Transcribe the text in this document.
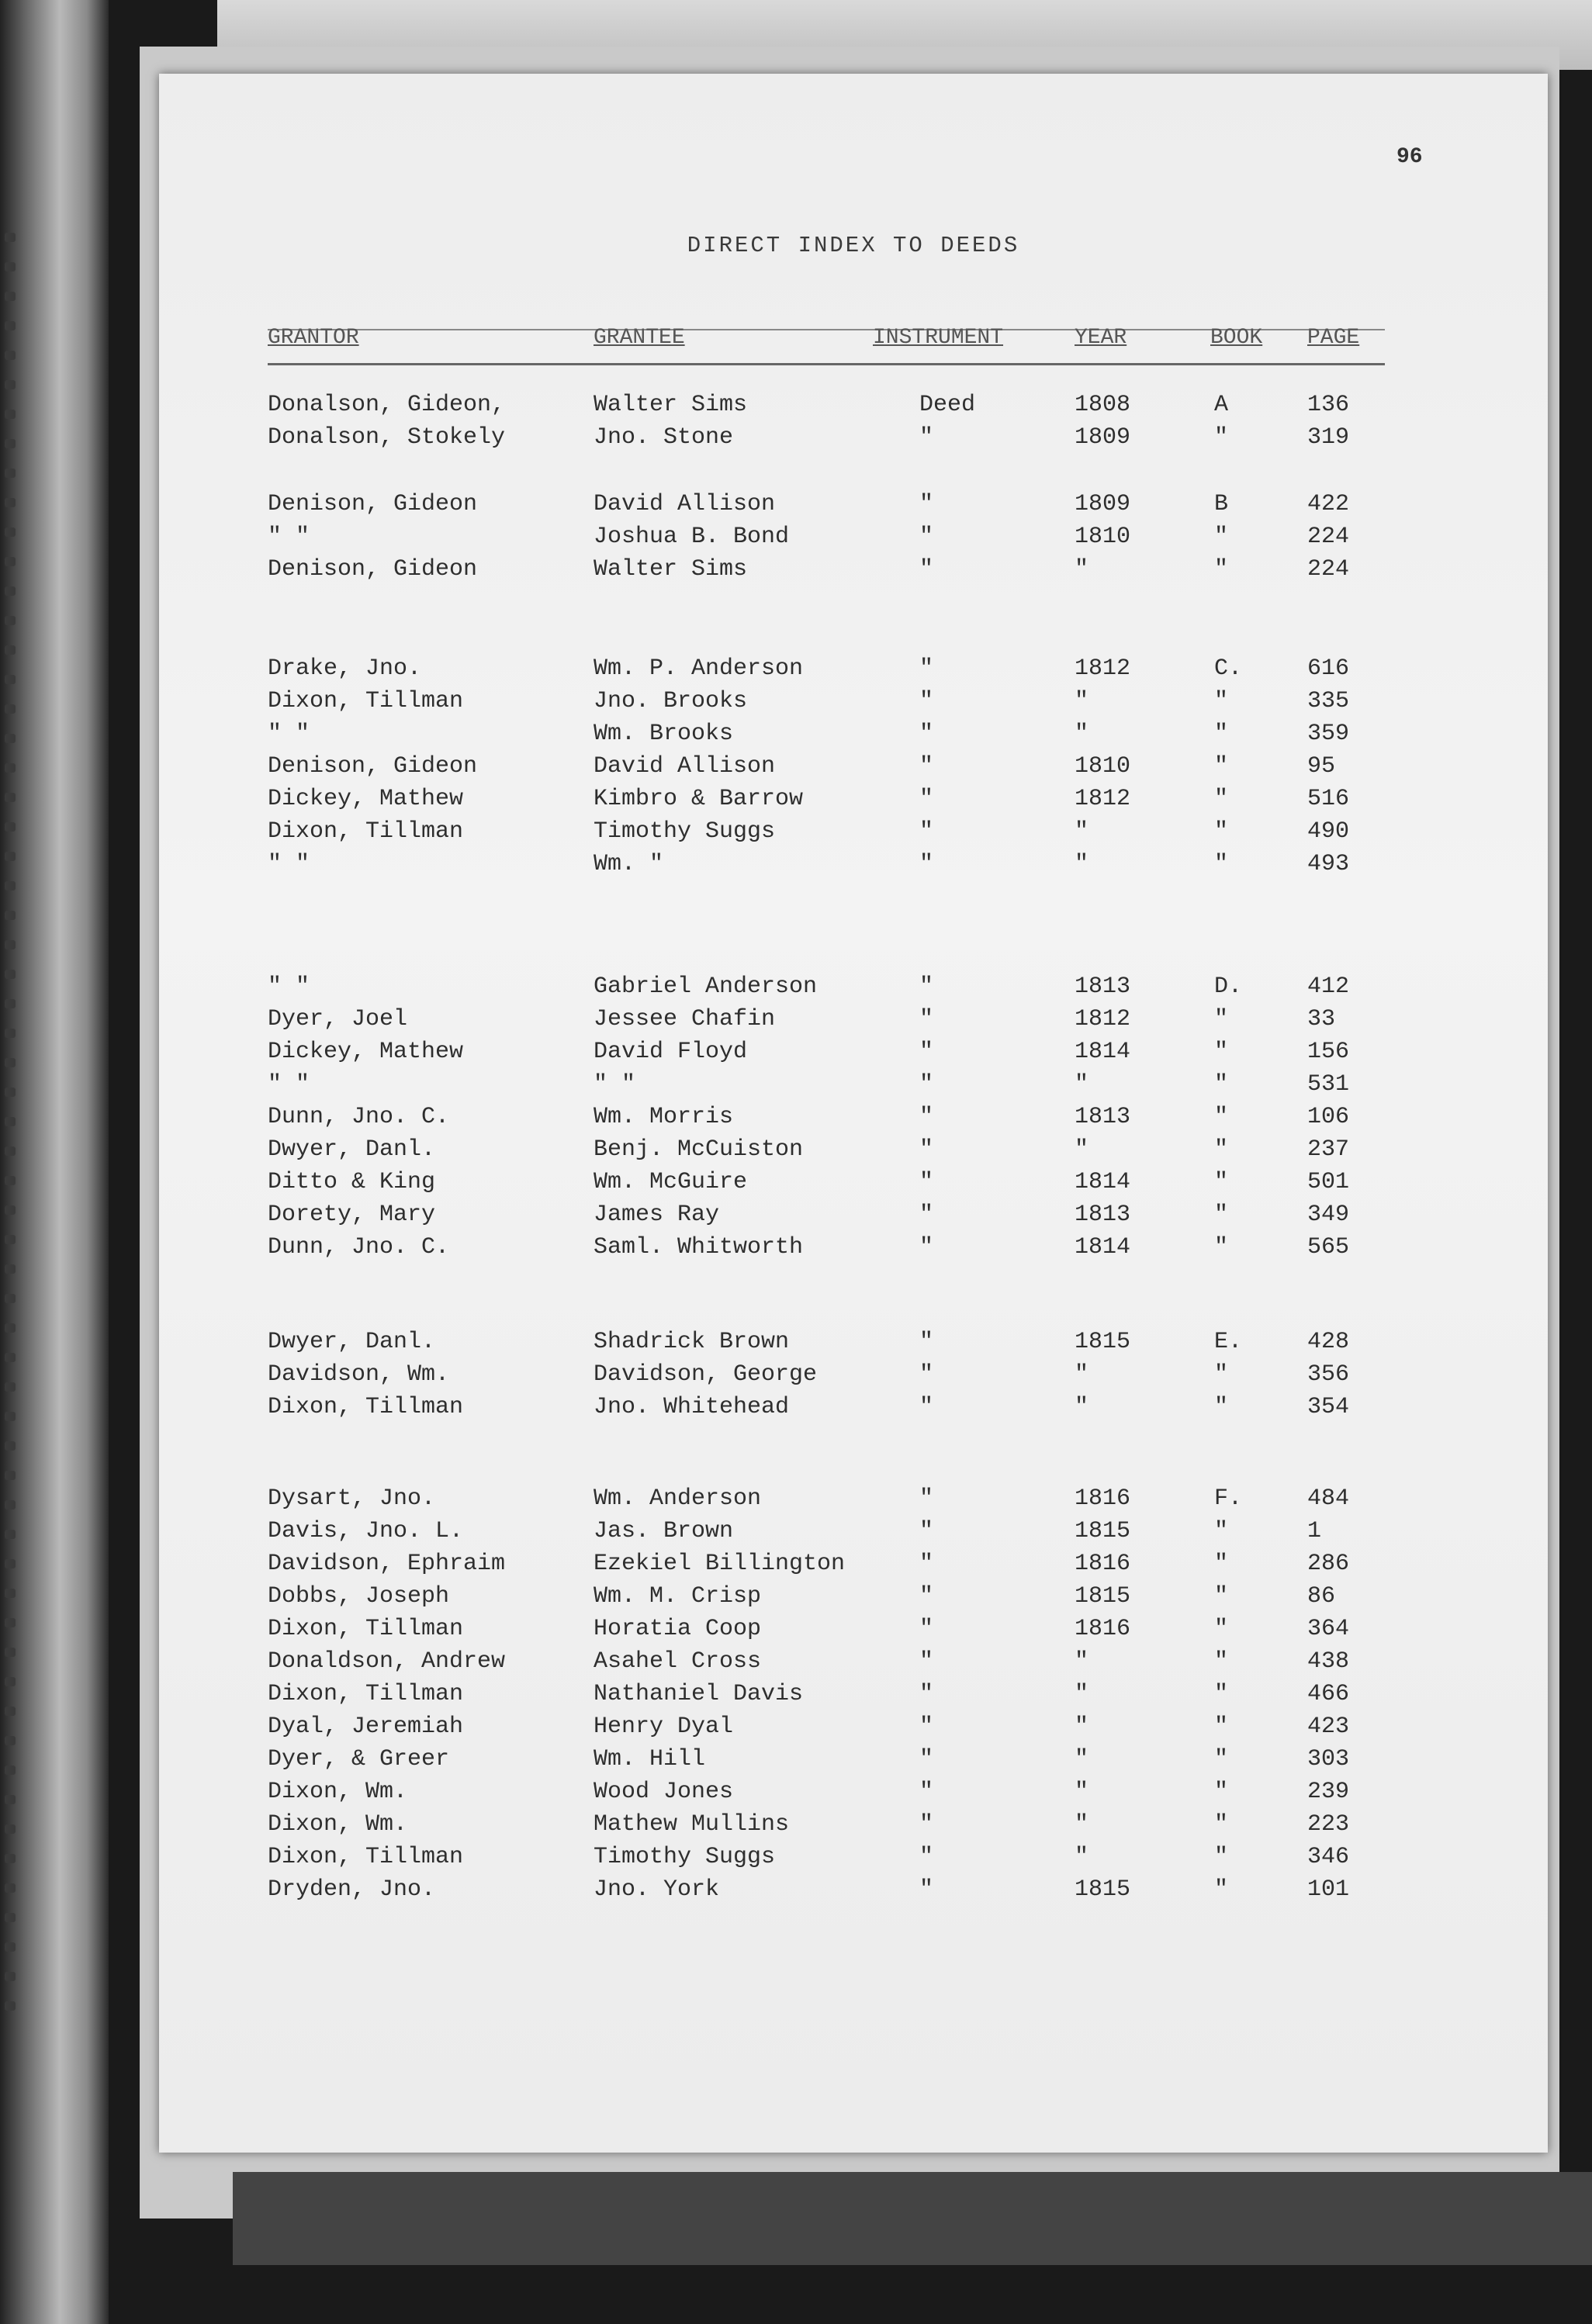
96
DIRECT INDEX TO DEEDS
GRANTOR	GRANTEE	INSTRUMENT	YEAR	BOOK PAGE
Donalson, Gideon,	Walter Sims	Deed	1808	A	136
Donalson, Stokely	Jno. Stone	"	1809	"	319
Denison, Gideon	David Allison	"	1809	B	422
" "	Joshua B. Bond	"	1810	"	224
Denison, Gideon	Walter Sims	"	"	"	224
Drake, Jno.	Wm. P. Anderson	"	1812	C.	616
Dixon, Tillman	Jno. Brooks	"	"	"	335
" "	Wm. Brooks	"	"	"	359
Denison, Gideon	David Allison	"	1810	"	95
Dickey, Mathew	Kimbro & Barrow	"	1812	"	516
Dixon, Tillman	Timothy Suggs	"	"	"	490
" "	Wm. "	"	"	"	493
" "	Gabriel Anderson	"	1813	D.	412
Dyer, Joel	Jessee Chafin	"	1812	"	33
Dickey, Mathew	David Floyd	"	1814	"	156
" "	" "	"	"	"	531
Dunn, Jno. C.	Wm. Morris	"	1813	"	106
Dwyer, Danl.	Benj. McCuiston	"	"	"	237
Ditto & King	Wm. McGuire	"	1814	"	501
Dorety, Mary	James Ray	"	1813	"	349
Dunn, Jno. C.	Saml. Whitworth	"	1814	"	565
Dwyer, Danl.	Shadrick Brown	"	1815	E.	428
Davidson, Wm.	Davidson, George	"	"	"	356
Dixon, Tillman	Jno. Whitehead	"	"	"	354
Dysart, Jno.	Wm. Anderson	"	1816	F.	484
Davis, Jno. L.	Jas. Brown	"	1815	"	1
Davidson, Ephraim	Ezekiel Billington	"	1816	"	286
Dobbs, Joseph	Wm. M. Crisp	"	1815	"	86
Dixon, Tillman	Horatia Coop	"	1816	"	364
Donaldson, Andrew	Asahel Cross	"	"	"	438
Dixon, Tillman	Nathaniel Davis	"	"	"	466
Dyal, Jeremiah	Henry Dyal	"	"	"	423
Dyer, & Greer	Wm. Hill	"	"	"	303
Dixon, Wm.	Wood Jones	"	"	"	239
Dixon, Wm.	Mathew Mullins	"	"	"	223
Dixon, Tillman	Timothy Suggs	"	"	"	346
Dryden, Jno.	Jno. York	"	1815	"	101
